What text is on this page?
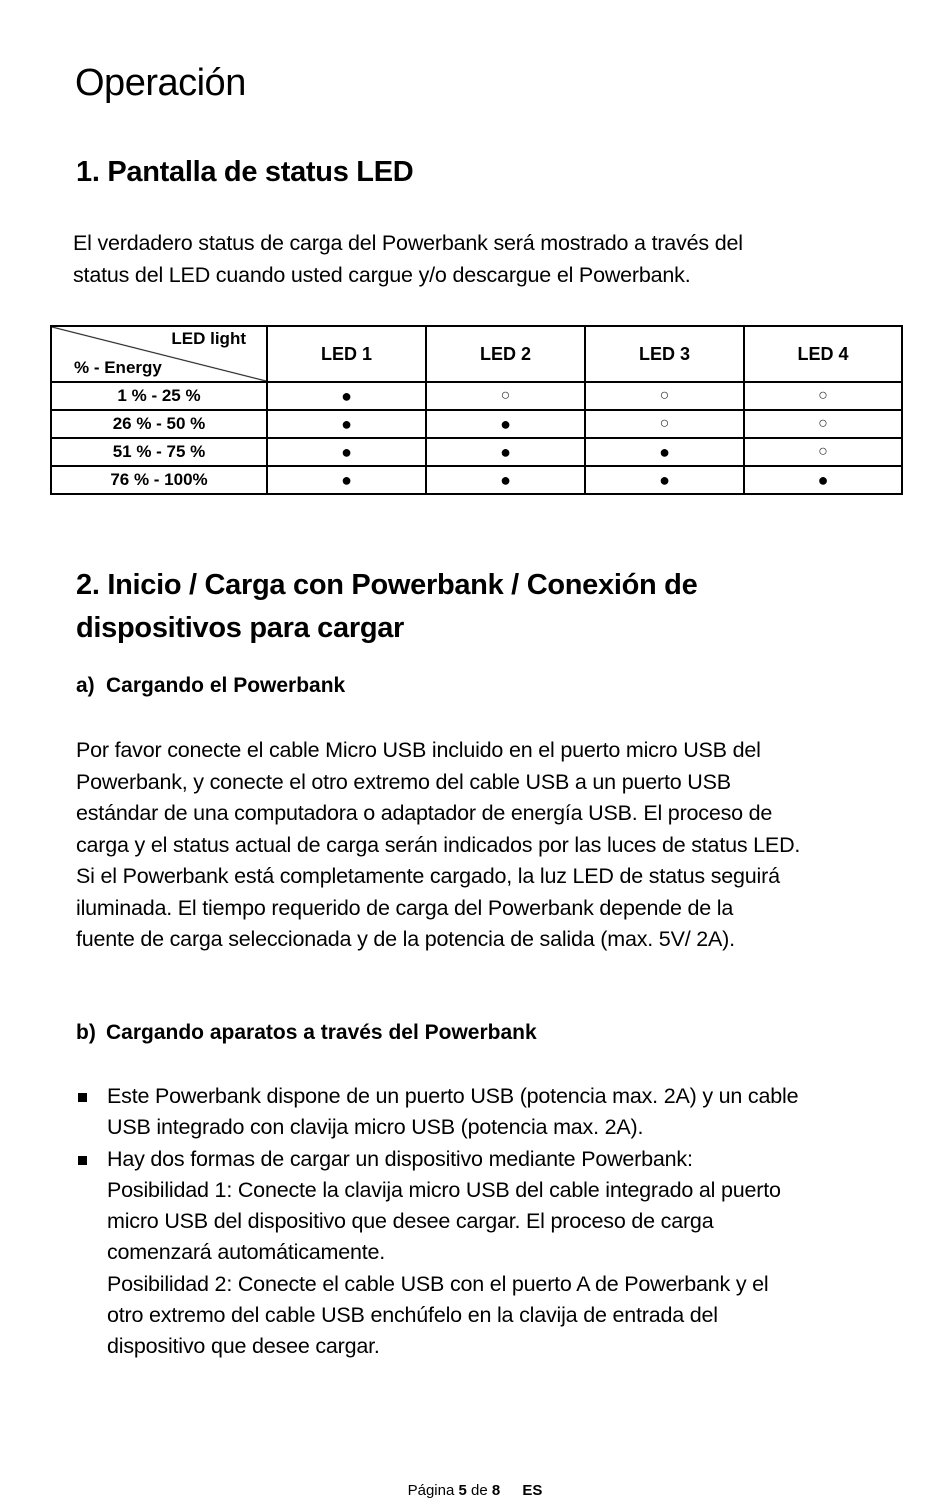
Operación
1. Pantalla de status LED

El verdadero status de carga del Powerbank será mostrado a través del
status del LED cuando usted cargue y/o descargue el Powerbank.

LED light
% - Energy	LED 1	LED 2	LED 3	LED 4
1 % - 25 %	●	○	○	○
26 % - 50 %	●	●	○	○
51 % - 75 %	●	●	●	○
76 % - 100%	●	●	●	●
2. Inicio / Carga con Powerbank / Conexión de
dispositivos para cargar
a) Cargando el Powerbank

Por favor conecte el cable Micro USB incluido en el puerto micro USB del
Powerbank, y conecte el otro extremo del cable USB a un puerto USB
estándar de una computadora o adaptador de energía USB. El proceso de
carga y el status actual de carga serán indicados por las luces de status LED.
Si el Powerbank está completamente cargado, la luz LED de status seguirá
iluminada. El tiempo requerido de carga del Powerbank depende de la
fuente de carga seleccionada y de la potencia de salida (max. 5V/ 2A).

b) Cargando aparatos a través del Powerbank
Este Powerbank dispone de un puerto USB (potencia max. 2A) y un cable
USB integrado con clavija micro USB (potencia max. 2A).
Hay dos formas de cargar un dispositivo mediante Powerbank:
Posibilidad 1: Conecte la clavija micro USB del cable integrado al puerto
micro USB del dispositivo que desee cargar. El proceso de carga
comenzará automáticamente.
Posibilidad 2: Conecte el cable USB con el puerto A de Powerbank y el
otro extremo del cable USB enchúfelo en la clavija de entrada del
dispositivo que desee cargar.
Página 5 de 8 ES
